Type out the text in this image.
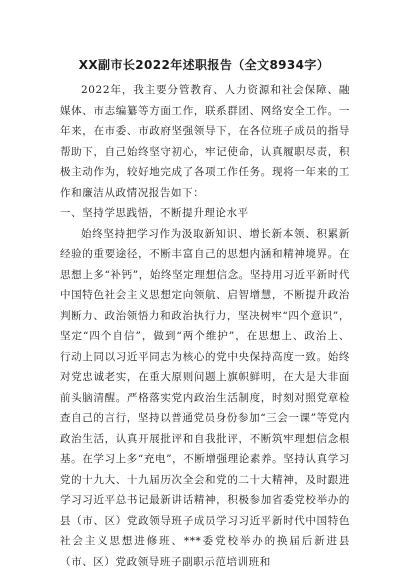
XX副市长2022年述职报告（全文8934字）

2022年，我主要分管教育、人力资源和社会保障、融媒体、市志编纂等方面工作，联系群团、网络安全工作。一年来，在市委、市政府坚强领导下，在各位班子成员的指导帮助下，自己始终坚守初心，牢记使命，认真履职尽责，积极主动作为，较好地完成了各项工作任务。现将一年来的工作和廉洁从政情况报告如下：

一、坚持学思践悟，不断提升理论水平

始终坚持把学习作为汲取新知识、增长新本领、积累新经验的重要途径，不断丰富自己的思想内涵和精神境界。在思想上多“补钙”，始终坚定理想信念。坚持用习近平新时代中国特色社会主义思想定向领航、启智增慧，不断提升政治判断力、政治领悟力和政治执行力，坚决树牢“四个意识”，坚定“四个自信”，做到“两个维护”，在思想上、政治上、行动上同以习近平同志为核心的党中央保持高度一致。始终对党忠诚老实，在重大原则问题上旗帜鲜明，在大是大非面前头脑清醒。严格落实党内政治生活制度，时刻对照党章检查自己的言行，坚持以普通党员身份参加“三会一课”等党内政治生活，认真开展批评和自我批评，不断筑牢理想信念根基。在学习上多“充电”，不断增强理论素养。坚持认真学习党的十九大、十九届历次全会和党的二十大精神，及时跟进学习习近平总书记最新讲话精神，积极参加省委党校举办的县（市、区）党政领导班子成员学习习近平新时代中国特色社会主义思想进修班、***委党校举办的换届后新进县（市、区）党政领导班子副职示范培训班和
